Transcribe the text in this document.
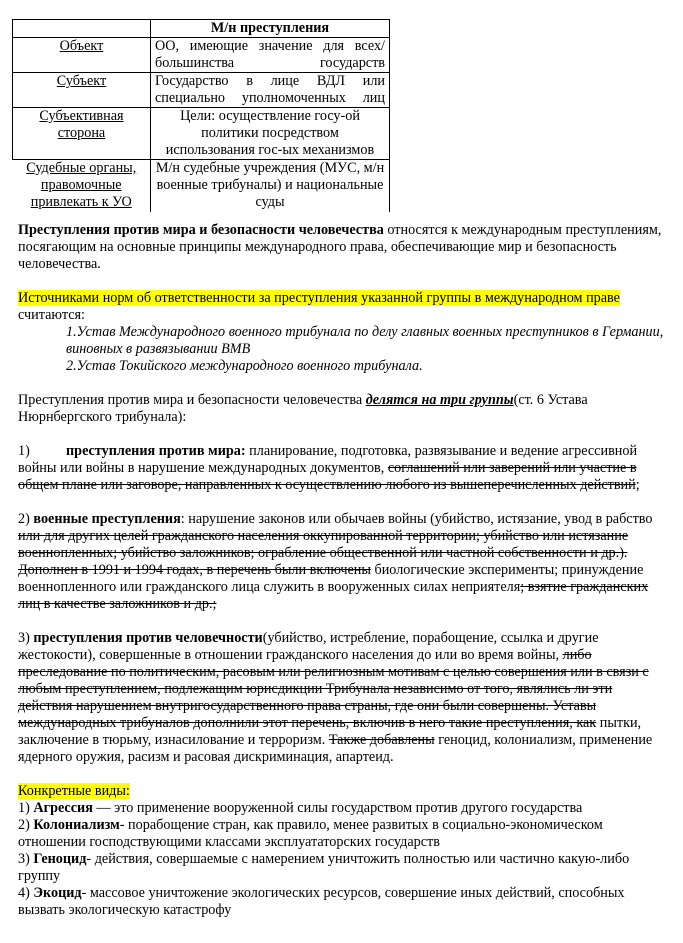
	М/н преступления
Объект	ОО, имеющие значение для всех/большинства государств
Субъект	Государство в лице ВДЛ или специально уполномоченных лиц
Субъективная сторона	Цели: осуществление госу-ой политики посредством использования гос-ых механизмов
Судебные органы, правомочные привлекать к УО	М/н судебные учреждения (МУС, м/н военные трибуналы) и национальные суды

Преступления против мира и безопасности человечества относятся к международным преступлениям, посягающим на основные принципы международного права, обеспечивающие мир и безопасность человечества.

Источниками норм об ответственности за преступления указанной группы в международном праве считаются:

1.Устав Международного военного трибунала по делу главных военных преступников в Германии, виновных в развязывании ВМВ
2.Устав Токийского международного военного трибунала.

Преступления против мира и безопасности человечества делятся на три группы(ст. 6 Устава Нюрнбергского трибунала):

1)	преступления против мира: планирование, подготовка, развязывание и ведение агрессивной войны или войны в нарушение международных документов, соглашений или заверений или участие в общем плане или заговоре, направленных к осуществлению любого из вышеперечисленных действий;

2) военные преступления: нарушение законов или обычаев войны (убийство, истязание, увод в рабство или для других целей гражданского населения оккупированной территории; убийство или истязание военнопленных; убийство заложников; ограбление общественной или частной собственности и др.). Дополнен в 1991 и 1994 годах, в перечень были включены биологические эксперименты; принуждение военнопленного или гражданского лица служить в вооруженных силах неприятеля; взятие гражданских лиц в качестве заложников и др.;

3) преступления против человечности(убийство, истребление, порабощение, ссылка и другие жестокости), совершенные в отношении гражданского населения до или во время войны, либо преследование по политическим, расовым или религиозным мотивам с целью совершения или в связи с любым преступлением, подлежащим юрисдикции Трибунала независимо от того, являлись ли эти действия нарушением внутригосударственного права страны, где они были совершены. Уставы международных трибуналов дополнили этот перечень, включив в него такие преступления, как пытки, заключение в тюрьму, изнасилование и терроризм. Также добавлены геноцид, колониализм, применение ядерного оружия, расизм и расовая дискриминация, апартеид.

Конкретные виды:

1) Агрессия — это применение вооруженной силы государством против другого государства

2) Колониализм- порабощение стран, как правило, менее развитых в социально-экономическом отношении господствующими классами эксплуататорских государств

3) Геноцид- действия, совершаемые с намерением уничтожить полностью или частично какую-либо группу

4) Экоцид- массовое уничтожение экологических ресурсов, совершение иных действий, способных вызвать экологическую катастрофу
